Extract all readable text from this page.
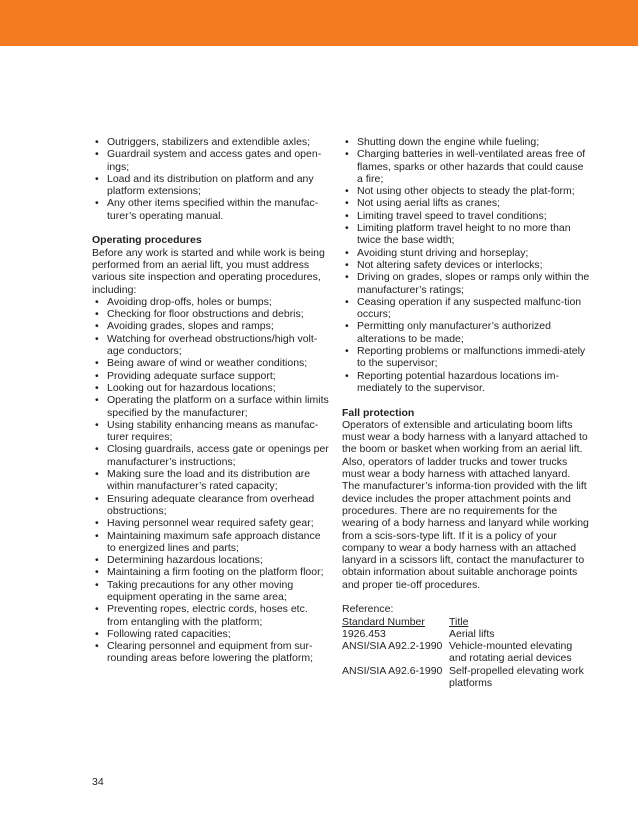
• Outriggers, stabilizers and extendible axles;
• Guardrail system and access gates and open-ings;
• Load and its distribution on platform and any platform extensions;
• Any other items specified within the manufac-turer’s operating manual.

Operating procedures

Before any work is started and while work is being performed from an aerial lift, you must address various site inspection and operating procedures, including:

• Avoiding drop-offs, holes or bumps;
• Checking for floor obstructions and debris;
• Avoiding grades, slopes and ramps;
• Watching for overhead obstructions/high volt-age conductors;
• Being aware of wind or weather conditions;
• Providing adequate surface support;
• Looking out for hazardous locations;
• Operating the platform on a surface within limits specified by the manufacturer;
• Using stability enhancing means as manufac-turer requires;
• Closing guardrails, access gate or openings per manufacturer’s instructions;
• Making sure the load and its distribution are within manufacturer’s rated capacity;
• Ensuring adequate clearance from overhead obstructions;
• Having personnel wear required safety gear;
• Maintaining maximum safe approach distance to energized lines and parts;
• Determining hazardous locations;
• Maintaining a firm footing on the platform floor;
• Taking precautions for any other moving equipment operating in the same area;
• Preventing ropes, electric cords, hoses etc. from entangling with the platform;
• Following rated capacities;
• Clearing personnel and equipment from sur-rounding areas before lowering the platform;
• Shutting down the engine while fueling;
• Charging batteries in well-ventilated areas free of flames, sparks or other hazards that could cause a fire;
• Not using other objects to steady the plat-form;
• Not using aerial lifts as cranes;
• Limiting travel speed to travel conditions;
• Limiting platform travel height to no more than twice the base width;
• Avoiding stunt driving and horseplay;
• Not altering safety devices or interlocks;
• Driving on grades, slopes or ramps only within the manufacturer’s ratings;
• Ceasing operation if any suspected malfunc-tion occurs;
• Permitting only manufacturer’s authorized alterations to be made;
• Reporting problems or malfunctions immedi-ately to the supervisor;
• Reporting potential hazardous locations im-mediately to the supervisor.

Fall protection

Operators of extensible and articulating boom lifts must wear a body harness with a lanyard attached to the boom or basket when working from an aerial lift. Also, operators of ladder trucks and tower trucks must wear a body harness with attached lanyard. The manufacturer’s informa-tion provided with the lift device includes the proper attachment points and procedures. There are no requirements for the wearing of a body harness and lanyard while working from a scis-sors-type lift. If it is a policy of your company to wear a body harness with an attached lanyard in a scissors lift, contact the manufacturer to obtain information about suitable anchorage points and proper tie-off procedures.

Reference:

Standard Number	Title
1926.453	Aerial lifts
ANSI/SIA A92.2-1990	Vehicle-mounted elevating and rotating aerial devices
ANSI/SIA A92.6-1990	Self-propelled elevating work platforms
34
